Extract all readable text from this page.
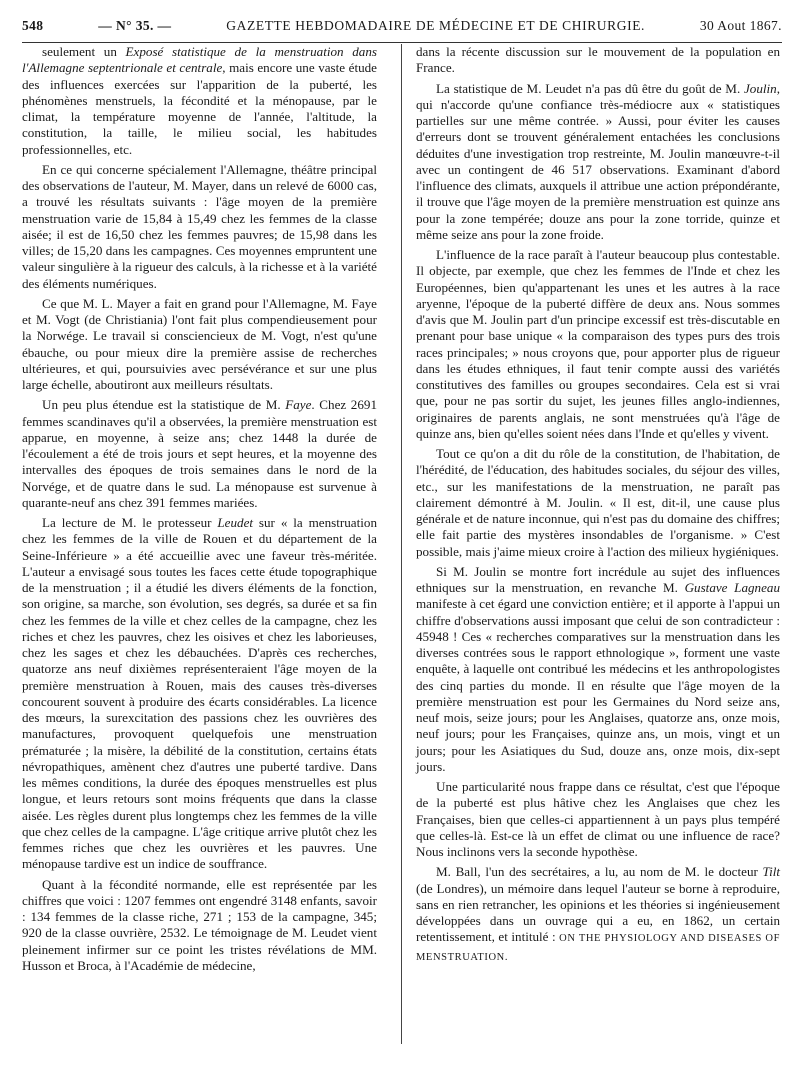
548	— N° 35. —	GAZETTE HEBDOMADAIRE DE MÉDECINE ET DE CHIRURGIE.	30 Aout 1867.

seulement un Exposé statistique de la menstruation dans l'Allemagne septentrionale et centrale, mais encore une vaste étude des influences exercées sur l'apparition de la puberté, les phénomènes menstruels, la fécondité et la ménopause, par le climat, la température moyenne de l'année, l'altitude, la constitution, la taille, le milieu social, les habitudes professionnelles, etc.

En ce qui concerne spécialement l'Allemagne, théâtre principal des observations de l'auteur, M. Mayer, dans un relevé de 6000 cas, a trouvé les résultats suivants : l'âge moyen de la première menstruation varie de 15,84 à 15,49 chez les femmes de la classe aisée; il est de 16,50 chez les femmes pauvres; de 15,98 dans les villes; de 15,20 dans les campagnes. Ces moyennes empruntent une valeur singulière à la rigueur des calculs, à la richesse et à la variété des éléments numériques.

Ce que M. L. Mayer a fait en grand pour l'Allemagne, M. Faye et M. Vogt (de Christiania) l'ont fait plus compendieusement pour la Norwége. Le travail si consciencieux de M. Vogt, n'est qu'une ébauche, ou pour mieux dire la première assise de recherches ultérieures, et qui, poursuivies avec persévérance et sur une plus large échelle, aboutiront aux meilleurs résultats.

Un peu plus étendue est la statistique de M. Faye. Chez 2691 femmes scandinaves qu'il a observées, la première menstruation est apparue, en moyenne, à seize ans; chez 1448 la durée de l'écoulement a été de trois jours et sept heures, et la moyenne des intervalles des époques de trois semaines dans le nord de la Norvége, et de quatre dans le sud. La ménopause est survenue à quarante-neuf ans chez 391 femmes mariées.

La lecture de M. le protesseur Leudet sur « la menstruation chez les femmes de la ville de Rouen et du département de la Seine-Inférieure » a été accueillie avec une faveur très-méritée. L'auteur a envisagé sous toutes les faces cette étude topographique de la menstruation ; il a étudié les divers éléments de la fonction, son origine, sa marche, son évolution, ses degrés, sa durée et sa fin chez les femmes de la ville et chez celles de la campagne, chez les riches et chez les pauvres, chez les oisives et chez les laborieuses, chez les sages et chez les débauchées. D'après ces recherches, quatorze ans neuf dixièmes représenteraient l'âge moyen de la première menstruation à Rouen, mais des causes très-diverses concourent souvent à produire des écarts considérables. La licence des mœurs, la surexcitation des passions chez les ouvrières des manufactures, provoquent quelquefois une menstruation prématurée ; la misère, la débilité de la constitution, certains états névropathiques, amènent chez d'autres une puberté tardive. Dans les mêmes conditions, la durée des époques menstruelles est plus longue, et leurs retours sont moins fréquents que dans la classe aisée. Les règles durent plus longtemps chez les femmes de la ville que chez celles de la campagne. L'âge critique arrive plutôt chez les femmes riches que chez les ouvrières et les pauvres. Une ménopause tardive est un indice de souffrance.

Quant à la fécondité normande, elle est représentée par les chiffres que voici : 1207 femmes ont engendré 3148 enfants, savoir : 134 femmes de la classe riche, 271 ; 153 de la campagne, 345; 920 de la classe ouvrière, 2532. Le témoignage de M. Leudet vient pleinement infirmer sur ce point les tristes révélations de MM. Husson et Broca, à l'Académie de médecine,

dans la récente discussion sur le mouvement de la population en France.

La statistique de M. Leudet n'a pas dû être du goût de M. Joulin, qui n'accorde qu'une confiance très-médiocre aux « statistiques partielles sur une même contrée. » Aussi, pour éviter les causes d'erreurs dont se trouvent généralement entachées les conclusions déduites d'une investigation trop restreinte, M. Joulin manœuvre-t-il avec un contingent de 46 517 observations. Examinant d'abord l'influence des climats, auxquels il attribue une action prépondérante, il trouve que l'âge moyen de la première menstruation est quinze ans pour la zone tempérée; douze ans pour la zone torride, quinze et même seize ans pour la zone froide.

L'influence de la race paraît à l'auteur beaucoup plus contestable. Il objecte, par exemple, que chez les femmes de l'Inde et chez les Européennes, bien qu'appartenant les unes et les autres à la race aryenne, l'époque de la puberté diffère de deux ans. Nous sommes d'avis que M. Joulin part d'un principe excessif est très-discutable en prenant pour base unique « la comparaison des types purs des trois races principales; » nous croyons que, pour apporter plus de rigueur dans les études ethniques, il faut tenir compte aussi des variétés constitutives des familles ou groupes secondaires. Cela est si vrai que, pour ne pas sortir du sujet, les jeunes filles anglo-indiennes, originaires de parents anglais, ne sont menstruées qu'à l'âge de quinze ans, bien qu'elles soient nées dans l'Inde et qu'elles y vivent.

Tout ce qu'on a dit du rôle de la constitution, de l'habitation, de l'hérédité, de l'éducation, des habitudes sociales, du séjour des villes, etc., sur les manifestations de la menstruation, ne paraît pas clairement démontré à M. Joulin. « Il est, dit-il, une cause plus générale et de nature inconnue, qui n'est pas du domaine des chiffres; elle fait partie des mystères insondables de l'organisme. » C'est possible, mais j'aime mieux croire à l'action des milieux hygiéniques.

Si M. Joulin se montre fort incrédule au sujet des influences ethniques sur la menstruation, en revanche M. Gustave Lagneau manifeste à cet égard une conviction entière; et il apporte à l'appui un chiffre d'observations aussi imposant que celui de son contradicteur : 45948 ! Ces « recherches comparatives sur la menstruation dans les diverses contrées sous le rapport ethnologique », forment une vaste enquête, à laquelle ont contribué les médecins et les anthropologistes des cinq parties du monde. Il en résulte que l'âge moyen de la première menstruation est pour les Germaines du Nord seize ans, neuf mois, seize jours; pour les Anglaises, quatorze ans, onze mois, neuf jours; pour les Françaises, quinze ans, un mois, vingt et un jours; pour les Asiatiques du Sud, douze ans, onze mois, dix-sept jours.

Une particularité nous frappe dans ce résultat, c'est que l'époque de la puberté est plus hâtive chez les Anglaises que chez les Françaises, bien que celles-ci appartiennent à un pays plus tempéré que celles-là. Est-ce là un effet de climat ou une influence de race? Nous inclinons vers la seconde hypothèse.

M. Ball, l'un des secrétaires, a lu, au nom de M. le docteur Tilt (de Londres), un mémoire dans lequel l'auteur se borne à reproduire, sans en rien retrancher, les opinions et les théories si ingénieusement développées dans un ouvrage qui a eu, en 1862, un certain retentissement, et intitulé : ON THE PHYSIOLOGY AND DISEASES OF MENSTRUATION.
